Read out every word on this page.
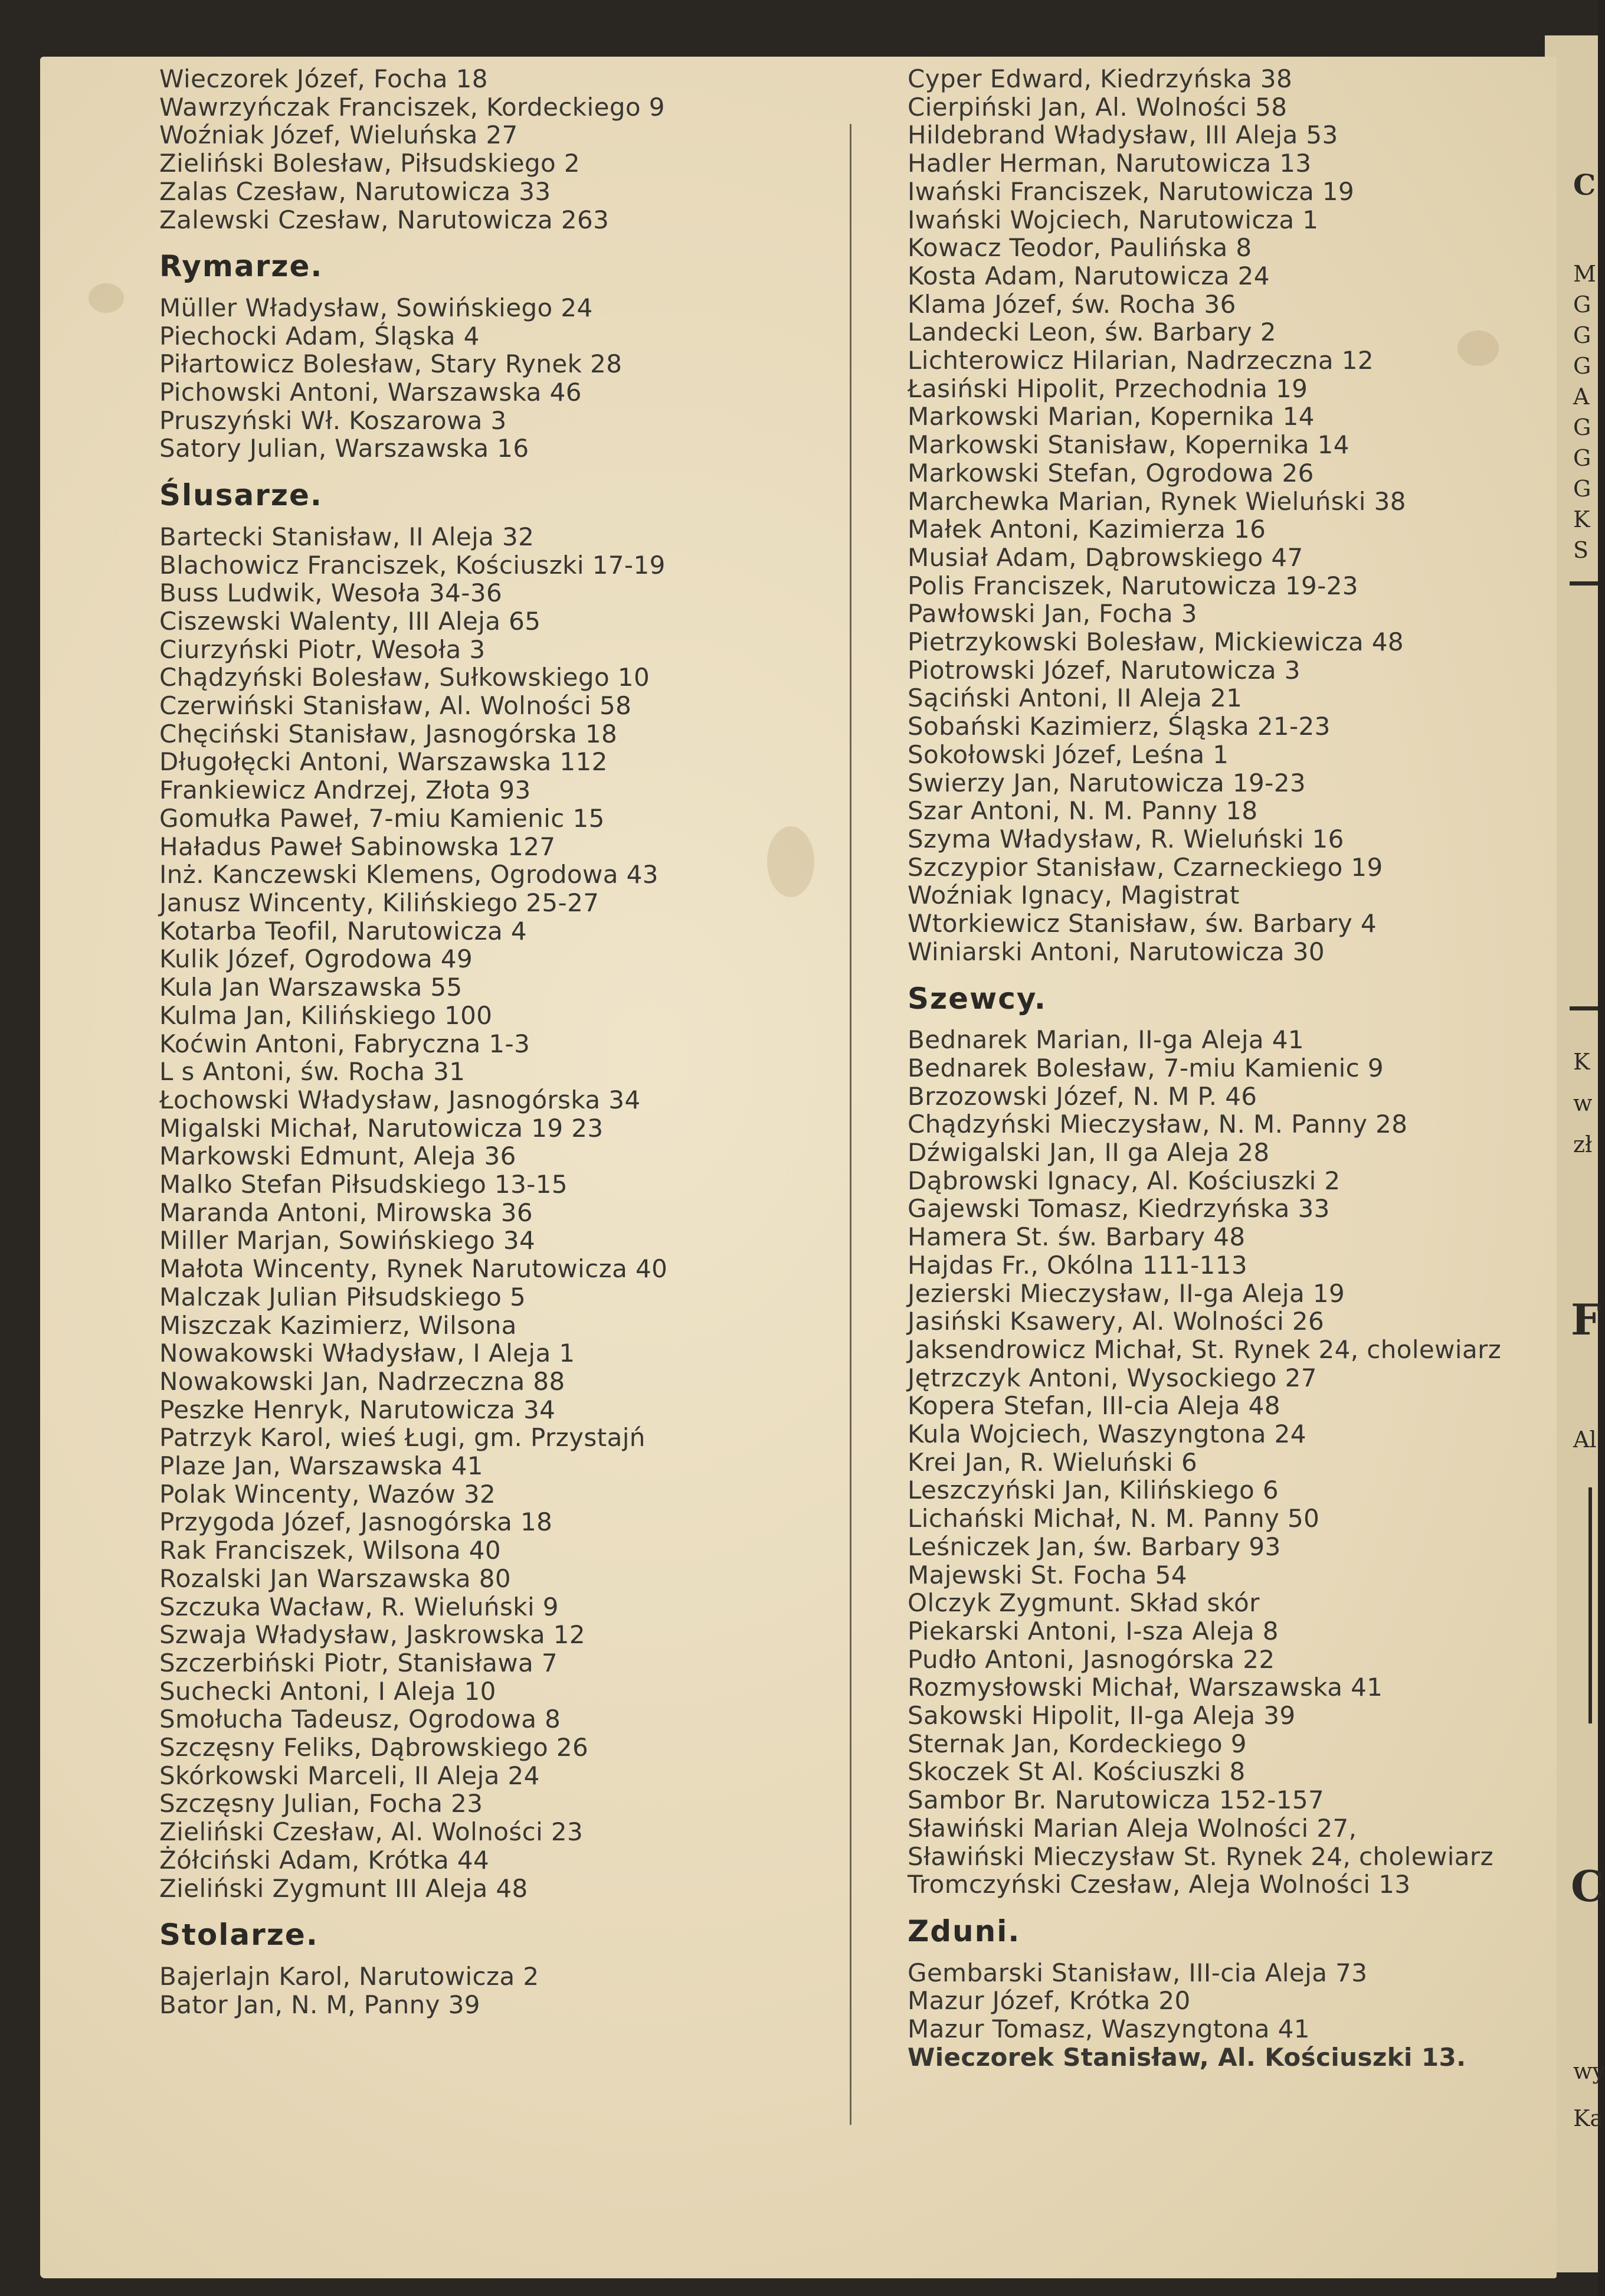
C
M
G
G
G
A
G
G
G
K
S
K
w
zł
F
Al
C
wy
Ka
Wieczorek Józef, Focha 18
Wawrzyńczak Franciszek, Kordeckiego 9
Woźniak Józef, Wieluńska 27
Zieliński Bolesław, Piłsudskiego 2
Zalas Czesław, Narutowicza 33
Zalewski Czesław, Narutowicza 263
Rymarze.
Müller Władysław, Sowińskiego 24
Piechocki Adam, Śląska 4
Piłartowicz Bolesław, Stary Rynek 28
Pichowski Antoni, Warszawska 46
Pruszyński Wł. Koszarowa 3
Satory Julian, Warszawska 16
Ślusarze.
Bartecki Stanisław, II Aleja 32
Blachowicz Franciszek, Kościuszki 17-19
Buss Ludwik, Wesoła 34-36
Ciszewski Walenty, III Aleja 65
Ciurzyński Piotr, Wesoła 3
Chądzyński Bolesław, Sułkowskiego 10
Czerwiński Stanisław, Al. Wolności 58
Chęciński Stanisław, Jasnogórska 18
Długołęcki Antoni, Warszawska 112
Frankiewicz Andrzej, Złota 93
Gomułka Paweł, 7-miu Kamienic 15
Haładus Paweł Sabinowska 127
Inż. Kanczewski Klemens, Ogrodowa 43
Janusz Wincenty, Kilińskiego 25-27
Kotarba Teofil, Narutowicza 4
Kulik Józef, Ogrodowa 49
Kula Jan Warszawska 55
Kulma Jan, Kilińskiego 100
Koćwin Antoni, Fabryczna 1-3
L s Antoni, św. Rocha 31
Łochowski Władysław, Jasnogórska 34
Migalski Michał, Narutowicza 19 23
Markowski Edmunt, Aleja 36
Malko Stefan Piłsudskiego 13-15
Maranda Antoni, Mirowska 36
Miller Marjan, Sowińskiego 34
Małota Wincenty, Rynek Narutowicza 40
Malczak Julian Piłsudskiego 5
Miszczak Kazimierz, Wilsona
Nowakowski Władysław, I Aleja 1
Nowakowski Jan, Nadrzeczna 88
Peszke Henryk, Narutowicza 34
Patrzyk Karol, wieś Ługi, gm. Przystajń
Plaze Jan, Warszawska 41
Polak Wincenty, Wazów 32
Przygoda Józef, Jasnogórska 18
Rak Franciszek, Wilsona 40
Rozalski Jan Warszawska 80
Szczuka Wacław, R. Wieluński 9
Szwaja Władysław, Jaskrowska 12
Szczerbiński Piotr, Stanisława 7
Suchecki Antoni, I Aleja 10
Smołucha Tadeusz, Ogrodowa 8
Szczęsny Feliks, Dąbrowskiego 26
Skórkowski Marceli, II Aleja 24
Szczęsny Julian, Focha 23
Zieliński Czesław, Al. Wolności 23
Żółciński Adam, Krótka 44
Zieliński Zygmunt III Aleja 48
Stolarze.
Bajerlajn Karol, Narutowicza 2
Bator Jan, N. M, Panny 39
Cyper Edward, Kiedrzyńska 38
Cierpiński Jan, Al. Wolności 58
Hildebrand Władysław, III Aleja 53
Hadler Herman, Narutowicza 13
Iwański Franciszek, Narutowicza 19
Iwański Wojciech, Narutowicza 1
Kowacz Teodor, Paulińska 8
Kosta Adam, Narutowicza 24
Klama Józef, św. Rocha 36
Landecki Leon, św. Barbary 2
Lichterowicz Hilarian, Nadrzeczna 12
Łasiński Hipolit, Przechodnia 19
Markowski Marian, Kopernika 14
Markowski Stanisław, Kopernika 14
Markowski Stefan, Ogrodowa 26
Marchewka Marian, Rynek Wieluński 38
Małek Antoni, Kazimierza 16
Musiał Adam, Dąbrowskiego 47
Polis Franciszek, Narutowicza 19-23
Pawłowski Jan, Focha 3
Pietrzykowski Bolesław, Mickiewicza 48
Piotrowski Józef, Narutowicza 3
Sąciński Antoni, II Aleja 21
Sobański Kazimierz, Śląska 21-23
Sokołowski Józef, Leśna 1
Swierzy Jan, Narutowicza 19-23
Szar Antoni, N. M. Panny 18
Szyma Władysław, R. Wieluński 16
Szczypior Stanisław, Czarneckiego 19
Woźniak Ignacy, Magistrat
Wtorkiewicz Stanisław, św. Barbary 4
Winiarski Antoni, Narutowicza 30
Szewcy.
Bednarek Marian, II-ga Aleja 41
Bednarek Bolesław, 7-miu Kamienic 9
Brzozowski Józef, N. M P. 46
Chądzyński Mieczysław, N. M. Panny 28
Dźwigalski Jan, II ga Aleja 28
Dąbrowski Ignacy, Al. Kościuszki 2
Gajewski Tomasz, Kiedrzyńska 33
Hamera St. św. Barbary 48
Hajdas Fr., Okólna 111-113
Jezierski Mieczysław, II-ga Aleja 19
Jasiński Ksawery, Al. Wolności 26
Jaksendrowicz Michał, St. Rynek 24, cholewiarz
Jętrzczyk Antoni, Wysockiego 27
Kopera Stefan, III-cia Aleja 48
Kula Wojciech, Waszyngtona 24
Krei Jan, R. Wieluński 6
Leszczyński Jan, Kilińskiego 6
Lichański Michał, N. M. Panny 50
Leśniczek Jan, św. Barbary 93
Majewski St. Focha 54
Olczyk Zygmunt. Skład skór
Piekarski Antoni, I-sza Aleja 8
Pudło Antoni, Jasnogórska 22
Rozmysłowski Michał, Warszawska 41
Sakowski Hipolit, II-ga Aleja 39
Sternak Jan, Kordeckiego 9
Skoczek St Al. Kościuszki 8
Sambor Br. Narutowicza 152-157
Sławiński Marian Aleja Wolności 27,
Sławiński Mieczysław St. Rynek 24, cholewiarz
Tromczyński Czesław, Aleja Wolności 13
Zduni.
Gembarski Stanisław, III-cia Aleja 73
Mazur Józef, Krótka 20
Mazur Tomasz, Waszyngtona 41
Wieczorek Stanisław, Al. Kościuszki 13.
